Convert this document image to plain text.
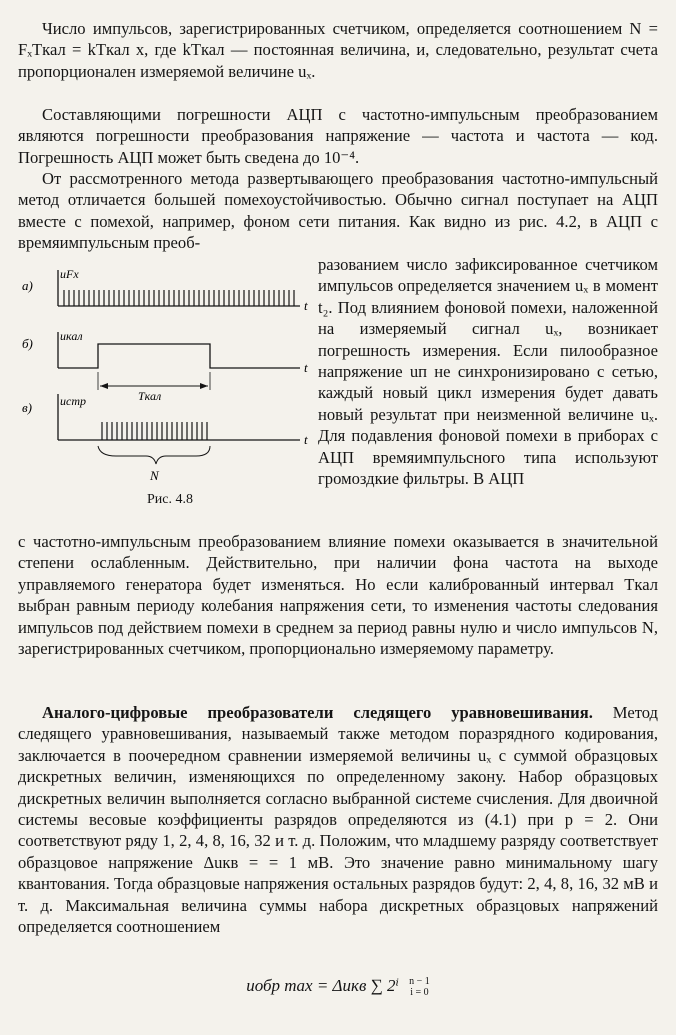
Число импульсов, зарегистрированных счетчиком, определяется соотношением N = FₓTкал = kTкал x, где kTкал — постоянная величина, и, следовательно, результат счета пропорционален измеряемой величине uₓ.

Составляющими погрешности АЦП с частотно-импульсным преобразованием являются погрешности преобразования напряжение — частота и частота — код. Погрешность АЦП может быть сведена до 10⁻⁴.

От рассмотренного метода развертывающего преобразования частотно-импульсный метод отличается большей помехоустойчивостью. Обычно сигнал поступает на АЦП вместе с помехой, например, фоном сети питания. Как видно из рис. 4.2, в АЦП с времяимпульсным преоб-

а)
uFx
t
б) uкал
t
Tкал
в) uстр
t
N
Рис. 4.8

разованием число зафиксированное счетчиком импульсов определяется значением uₓ в момент t₂. Под влиянием фоновой помехи, наложенной на измеряемый сигнал uₓ, возникает погрешность измерения. Если пилообразное напряжение uп не синхронизировано с сетью, каждый новый цикл измерения будет давать новый результат при неизменной величине uₓ. Для подавления фоновой помехи в приборах с АЦП времяимпульсного типа используют громоздкие фильтры. В АЦП

с частотно-импульсным преобразованием влияние помехи оказывается в значительной степени ослабленным. Действительно, при наличии фона частота на выходе управляемого генератора будет изменяться. Но если калиброванный интервал Tкал выбран равным периоду колебания напряжения сети, то изменения частоты следования импульсов под действием помехи в среднем за период равны нулю и число импульсов N, зарегистрированных счетчиком, пропорционально измеряемому параметру.

Аналого-цифровые преобразователи следящего уравновешивания. Метод следящего уравновешивания, называемый также методом поразрядного кодирования, заключается в поочередном сравнении измеряемой величины uₓ с суммой образцовых дискретных величин, изменяющихся по определенному закону. Набор образцовых дискретных величин выполняется согласно выбранной системе счисления. Для двоичной системы весовые коэффициенты разрядов определяются из (4.1) при p = 2. Они соответствуют ряду 1, 2, 4, 8, 16, 32 и т. д. Положим, что младшему разряду соответствует образцовое напряжение Δuкв = = 1 мВ. Это значение равно минимальному шагу квантования. Тогда образцовые напряжения остальных разрядов будут: 2, 4, 8, 16, 32 мВ и т. д. Максимальная величина суммы набора дискретных образцовых напряжений определяется соотношением

uобр max = Δuкв ∑ 2ⁱ n − 1
i = 0
